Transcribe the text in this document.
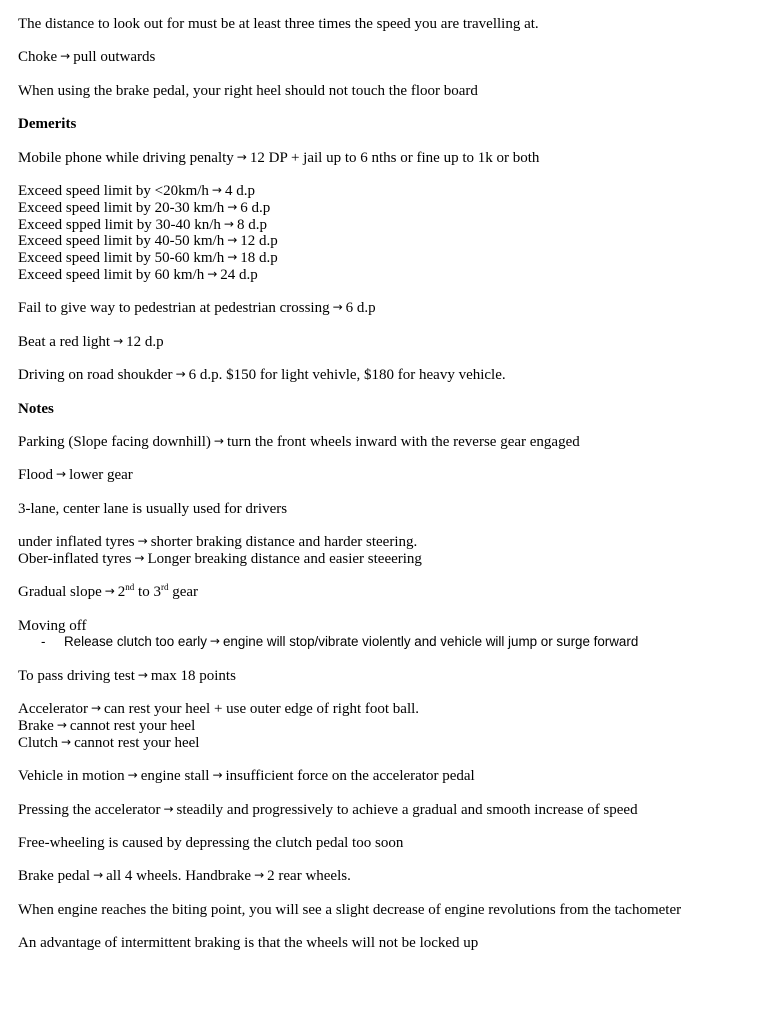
The distance to look out for must be at least three times the speed you are travelling at.
Choke → pull outwards
When using the brake pedal, your right heel should not touch the floor board
Demerits
Mobile phone while driving penalty → 12 DP + jail up to 6 nths or fine up to 1k or both
Exceed speed limit by <20km/h → 4 d.p
Exceed speed limit by 20-30 km/h → 6 d.p
Exceed spped limit by 30-40 kn/h → 8 d.p
Exceed speed limit by 40-50 km/h → 12 d.p
Exceed speed limit by 50-60 km/h → 18 d.p
Exceed speed limit by 60 km/h → 24 d.p
Fail to give way to pedestrian at pedestrian crossing → 6 d.p
Beat a red light → 12 d.p
Driving on road shoukder → 6 d.p. $150 for light vehivle, $180 for heavy vehicle.
Notes
Parking (Slope facing downhill) → turn the front wheels inward with the reverse gear engaged
Flood → lower gear
3-lane, center lane is usually used for drivers
under inflated tyres → shorter braking distance and harder steering.
Ober-inflated tyres → Longer breaking distance and easier steeering
Gradual slope → 2nd to 3rd gear
Moving off
- Release clutch too early → engine will stop/vibrate violently and vehicle will jump or surge forward
To pass driving test → max 18 points
Accelerator → can rest your heel + use outer edge of right foot ball.
Brake → cannot rest your heel
Clutch → cannot rest your heel
Vehicle in motion → engine stall → insufficient force on the accelerator pedal
Pressing the accelerator → steadily and progressively to achieve a gradual and smooth increase of speed
Free-wheeling is caused by depressing the clutch pedal too soon
Brake pedal → all 4 wheels. Handbrake → 2 rear wheels.
When engine reaches the biting point, you will see a slight decrease of engine revolutions from the tachometer
An advantage of intermittent braking is that the wheels will not be locked up
